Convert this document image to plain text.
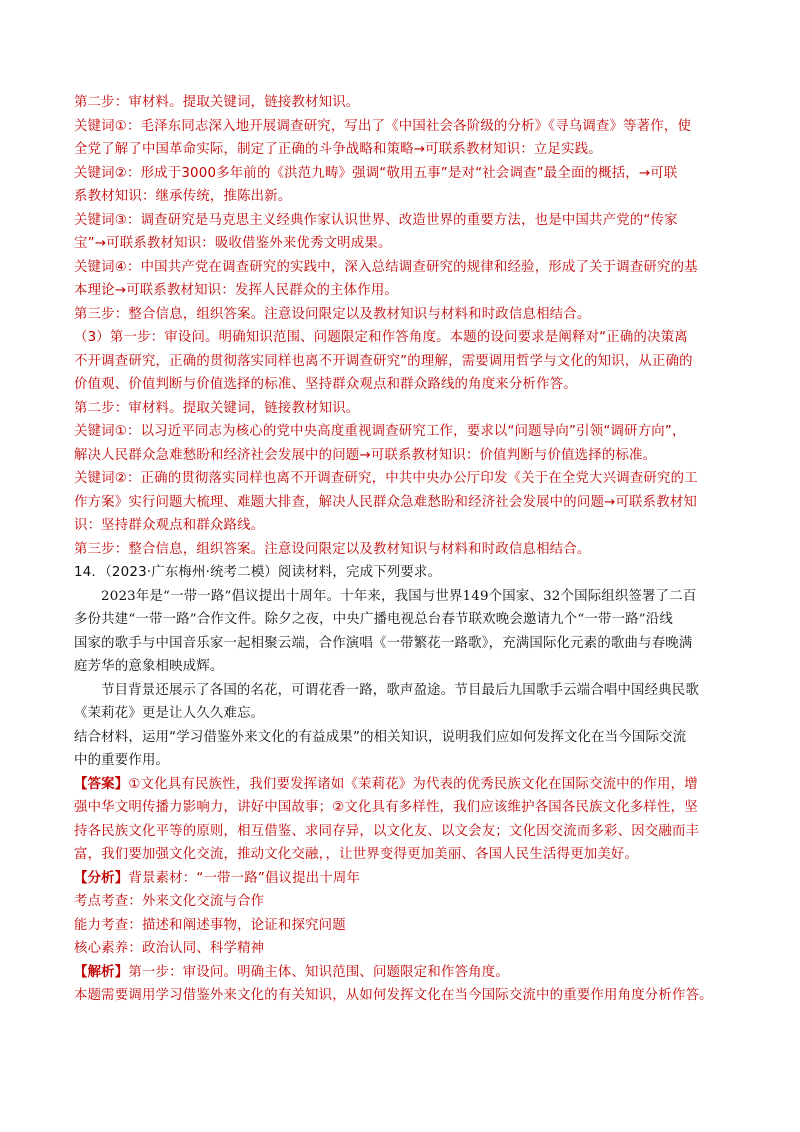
第二步：审材料。提取关键词，链接教材知识。
关键词①：毛泽东同志深入地开展调查研究，写出了《中国社会各阶级的分析》《寻乌调查》等著作，使
全党了解了中国革命实际，制定了正确的斗争战略和策略→可联系教材知识：立足实践。
关键词②：形成于3000多年前的《洪范九畴》强调“敬用五事”是对“社会调查”最全面的概括，→可联
系教材知识：继承传统，推陈出新。
关键词③：调查研究是马克思主义经典作家认识世界、改造世界的重要方法，也是中国共产党的“传家
宝”→可联系教材知识：吸收借鉴外来优秀文明成果。
关键词④：中国共产党在调查研究的实践中，深入总结调查研究的规律和经验，形成了关于调查研究的基
本理论→可联系教材知识：发挥人民群众的主体作用。
第三步：整合信息，组织答案。注意设问限定以及教材知识与材料和时政信息相结合。
（3）第一步：审设问。明确知识范围、问题限定和作答角度。本题的设问要求是阐释对“正确的决策离
不开调查研究，正确的贯彻落实同样也离不开调查研究”的理解，需要调用哲学与文化的知识，从正确的
价值观、价值判断与价值选择的标准、坚持群众观点和群众路线的角度来分析作答。
第二步：审材料。提取关键词，链接教材知识。
关键词①：以习近平同志为核心的党中央高度重视调查研究工作，要求以“问题导向”引领“调研方向”，
解决人民群众急难愁盼和经济社会发展中的问题→可联系教材知识：价值判断与价值选择的标准。
关键词②：正确的贯彻落实同样也离不开调查研究，中共中央办公厅印发《关于在全党大兴调查研究的工
作方案》实行问题大梳理、难题大排查，解决人民群众急难愁盼和经济社会发展中的问题→可联系教材知
识：坚持群众观点和群众路线。
第三步：整合信息，组织答案。注意设问限定以及教材知识与材料和时政信息相结合。
14．（2023·广东梅州·统考二模）阅读材料，完成下列要求。
2023年是“一带一路”倡议提出十周年。十年来，我国与世界149个国家、32个国际组织签署了二百
多份共建“一带一路”合作文件。除夕之夜，中央广播电视总台春节联欢晚会邀请九个“一带一路”沿线
国家的歌手与中国音乐家一起相聚云端，合作演唱《一带繁花一路歌》，充满国际化元素的歌曲与春晚满
庭芳华的意象相映成辉。
节目背景还展示了各国的名花，可谓花香一路，歌声盈途。节目最后九国歌手云端合唱中国经典民歌
《茉莉花》更是让人久久难忘。
结合材料，运用“学习借鉴外来文化的有益成果”的相关知识，说明我们应如何发挥文化在当今国际交流
中的重要作用。
【答案】①文化具有民族性，我们要发挥诸如《茉莉花》为代表的优秀民族文化在国际交流中的作用，增
强中华文明传播力影响力，讲好中国故事；②文化具有多样性，我们应该维护各国各民族文化多样性，坚
持各民族文化平等的原则，相互借鉴、求同存异，以文化友、以文会友；文化因交流而多彩、因交融而丰
富，我们要加强文化交流，推动文化交融，，让世界变得更加美丽、各国人民生活得更加美好。
【分析】背景素材：“一带一路”倡议提出十周年
考点考查：外来文化交流与合作
能力考查：描述和阐述事物，论证和探究问题
核心素养：政治认同、科学精神
【解析】第一步：审设问。明确主体、知识范围、问题限定和作答角度。
本题需要调用学习借鉴外来文化的有关知识，从如何发挥文化在当今国际交流中的重要作用角度分析作答。
